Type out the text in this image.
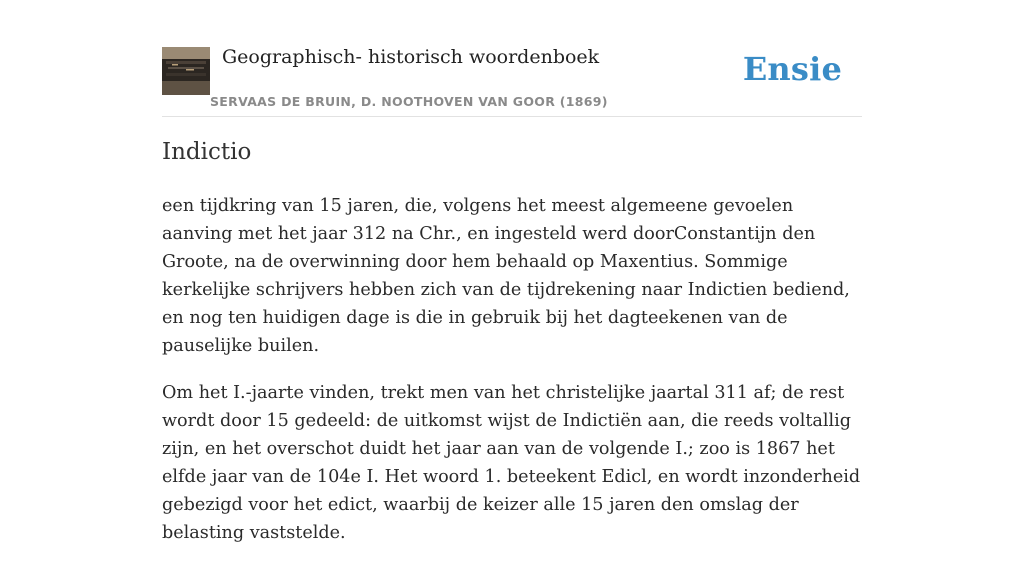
Geographisch- historisch woordenboek
SERVAAS DE BRUIN, D. NOOTHOVEN VAN GOOR (1869)
Ensie
Indictio

een tijdkring van 15 jaren, die, volgens het meest algemeene gevoelen aanving met het jaar 312 na Chr., en ingesteld werd doorConstantijn den Groote, na de overwinning door hem behaald op Maxentius. Sommige kerkelijke schrijvers hebben zich van de tijdrekening naar Indictien bediend, en nog ten huidigen dage is die in gebruik bij het dagteekenen van de pauselijke builen.

Om het I.-jaarte vinden, trekt men van het christelijke jaartal 311 af; de rest wordt door 15 gedeeld: de uitkomst wijst de Indictiën aan, die reeds voltallig zijn, en het overschot duidt het jaar aan van de volgende I.; zoo is 1867 het elfde jaar van de 104e I. Het woord 1. beteekent Edicl, en wordt inzonderheid gebezigd voor het edict, waarbij de keizer alle 15 jaren den omslag der belasting vaststelde.
